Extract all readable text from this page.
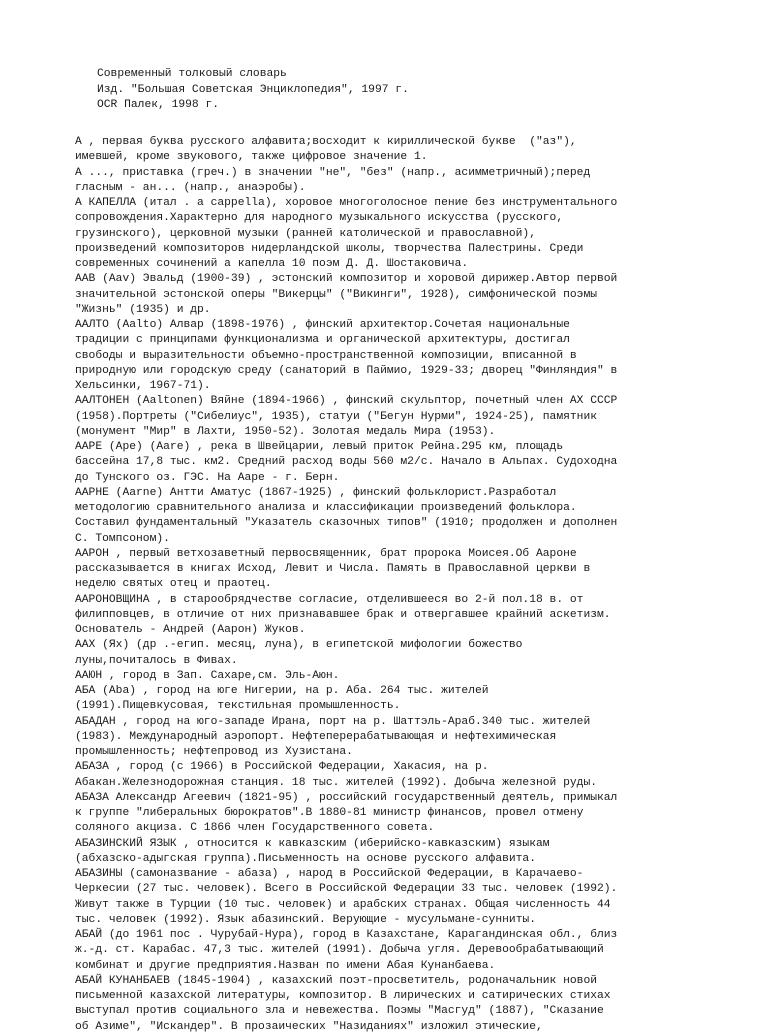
Современный толковый словарь
Изд. "Большая Советская Энциклопедия", 1997 г.
OCR Палек, 1998 г.
А , первая буква русского алфавита;восходит к кириллической букве  ("аз"),
имевшей, кроме звукового, также цифровое значение 1.
А ..., приставка (греч.) в значении "не", "без" (напр., асимметричный);перед
гласным - ан... (напр., анаэробы).
А КАПЕЛЛА (итал . а cappella), хоровое многоголосное пение без инструментального
сопровождения.Характерно для народного музыкального искусства (русского,
грузинского), церковной музыки (ранней католической и православной),
произведений композиторов нидерландской школы, творчества Палестрины. Среди
современных сочинений а капелла 10 поэм Д. Д. Шостаковича.
ААВ (Aav) Эвальд (1900-39) , эстонский композитор и хоровой дирижер.Автор первой
значительной эстонской оперы "Викерцы" ("Викинги", 1928), симфонической поэмы
"Жизнь" (1935) и др.
ААЛТО (Aalto) Алвар (1898-1976) , финский архитектор.Сочетая национальные
традиции с принципами функционализма и органической архитектуры, достигал
свободы и выразительности объемно-пространственной композиции, вписанной в
природную или городскую среду (санаторий в Паймио, 1929-33; дворец "Финляндия" в
Хельсинки, 1967-71).
ААЛТОНЕН (Aaltonen) Вяйне (1894-1966) , финский скульптор, почетный член АХ СССР
(1958).Портреты ("Сибелиус", 1935), статуи ("Бегун Нурми", 1924-25), памятник
(монумент "Мир" в Лахти, 1950-52). Золотая медаль Мира (1953).
ААРЕ (Аре) (Aare) , река в Швейцарии, левый приток Рейна.295 км, площадь
бассейна 17,8 тыс. км2. Средний расход воды 560 м2/с. Начало в Альпах. Судоходна
до Тунского оз. ГЭС. На Ааре - г. Берн.
ААРНЕ (Aarne) Антти Аматус (1867-1925) , финский фольклорист.Разработал
методологию сравнительного анализа и классификации произведений фольклора.
Составил фундаментальный "Указатель сказочных типов" (1910; продолжен и дополнен
С. Томпсоном).
ААРОН , первый ветхозаветный первосвященник, брат пророка Моисея.Об Аароне
рассказывается в книгах Исход, Левит и Числа. Память в Православной церкви в
неделю святых отец и праотец.
ААРОНОВЩИНА , в старообрядчестве согласие, отделившееся во 2-й пол.18 в. от
филипповцев, в отличие от них признававшее брак и отвергавшее крайний аскетизм.
Основатель - Андрей (Аарон) Жуков.
ААХ (Ях) (др .-егип. месяц, луна), в египетской мифологии божество
луны,почиталось в Фивах.
ААЮН , город в Зап. Сахаре,см. Эль-Аюн.
АБА (Aba) , город на юге Нигерии, на р. Аба. 264 тыс. жителей
(1991).Пищевкусовая, текстильная промышленность.
АБАДАН , город на юго-западе Ирана, порт на р. Шаттэль-Араб.340 тыс. жителей
(1983). Международный аэропорт. Нефтеперерабатывающая и нефтехимическая
промышленность; нефтепровод из Хузистана.
АБАЗА , город (с 1966) в Российской Федерации, Хакасия, на р.
Абакан.Железнодорожная станция. 18 тыс. жителей (1992). Добыча железной руды.
АБАЗА Александр Агеевич (1821-95) , российский государственный деятель, примыкал
к группе "либеральных бюрократов".В 1880-81 министр финансов, провел отмену
соляного акциза. С 1866 член Государственного совета.
АБАЗИНСКИЙ ЯЗЫК , относится к кавказским (иберийско-кавказским) языкам
(абхазско-адыгская группа).Письменность на основе русского алфавита.
АБАЗИНЫ (самоназвание - абаза) , народ в Российской Федерации, в Карачаево-
Черкесии (27 тыс. человек). Всего в Российской Федерации 33 тыс. человек (1992).
Живут также в Турции (10 тыс. человек) и арабских странах. Общая численность 44
тыс. человек (1992). Язык абазинский. Верующие - мусульмане-сунниты.
АБАЙ (до 1961 пос . Чурубай-Нура), город в Казахстане, Карагандинская обл., близ
ж.-д. ст. Карабас. 47,3 тыс. жителей (1991). Добыча угля. Деревообрабатывающий
комбинат и другие предприятия.Назван по имени Абая Кунанбаева.
АБАЙ КУНАНБАЕВ (1845-1904) , казахский поэт-просветитель, родоначальник новой
письменной казахской литературы, композитор. В лирических и сатирических стихах
выступал против социального зла и невежества. Поэмы "Масгуд" (1887), "Сказание
об Азиме", "Искандер". В прозаических "Назиданиях" изложил этические,
